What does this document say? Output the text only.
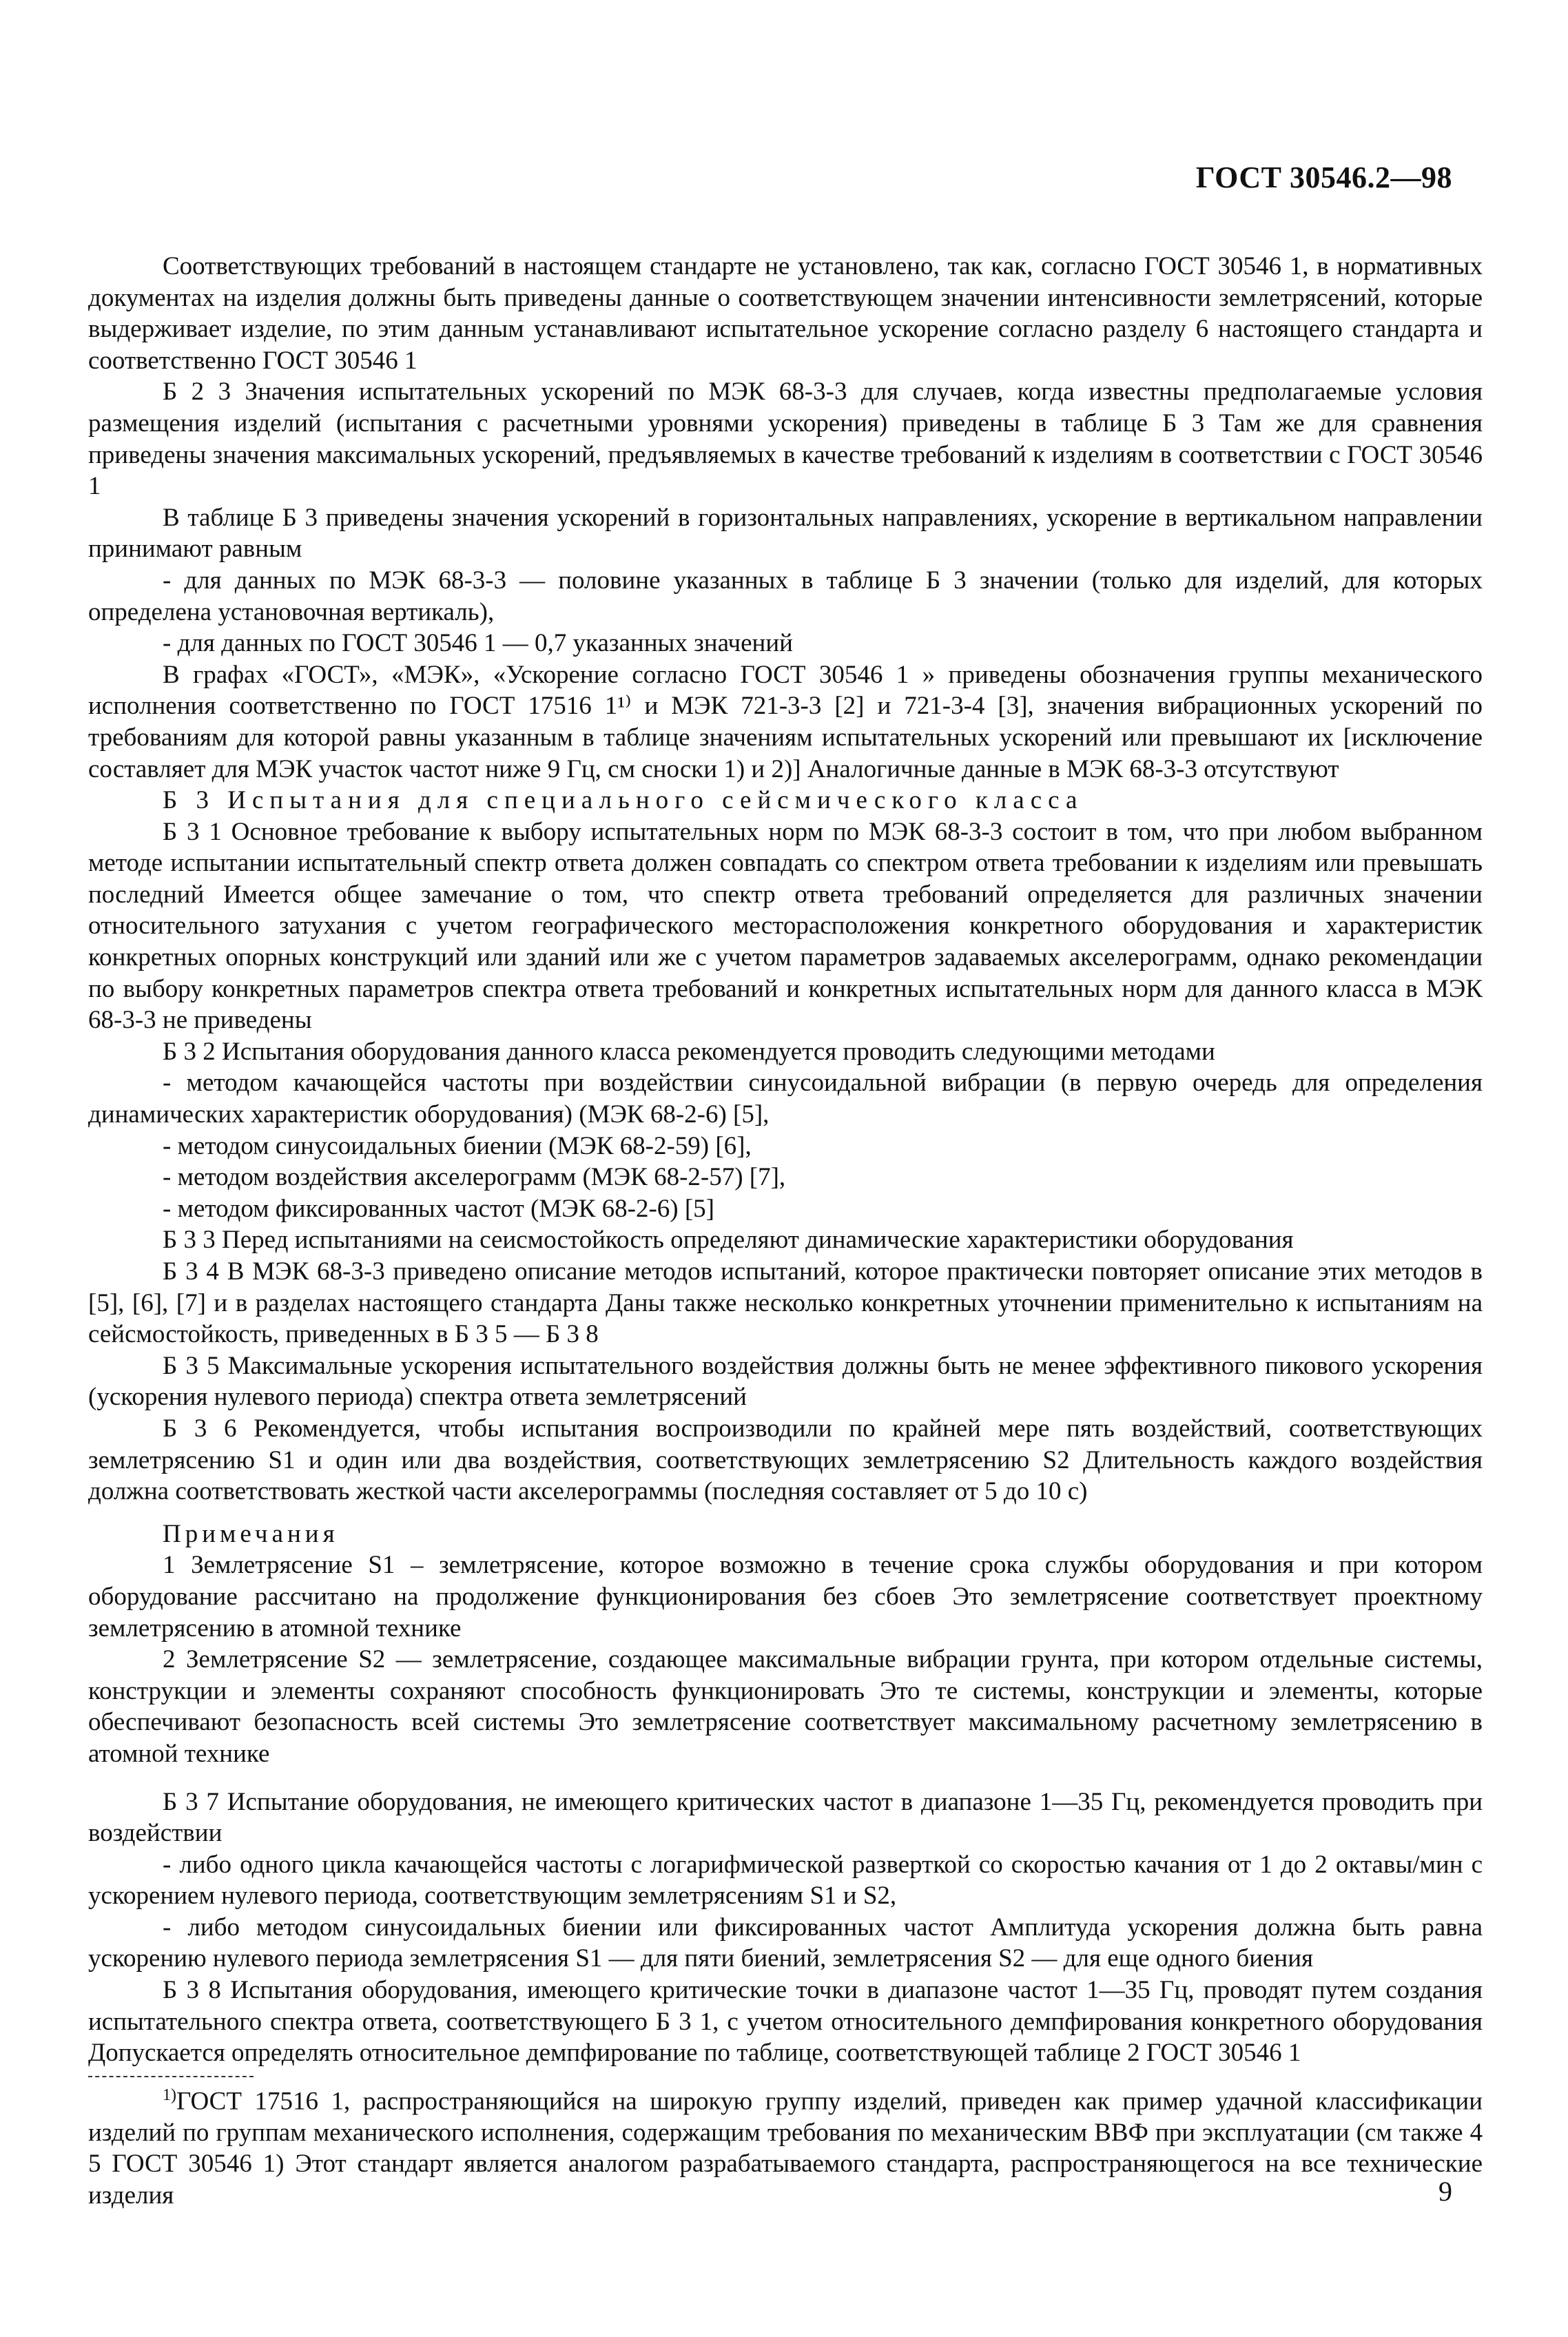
ГОСТ 30546.2—98

Соответствующих требований в настоящем стандарте не установлено, так как, согласно ГОСТ 30546 1, в нормативных документах на изделия должны быть приведены данные о соответствующем значении интенсивности землетрясений, которые выдерживает изделие, по этим данным устанавливают испытательное ускорение согласно разделу 6 настоящего стандарта и соответственно ГОСТ 30546 1

Б 2 3 Значения испытательных ускорений по МЭК 68-3-3 для случаев, когда известны предполагаемые условия размещения изделий (испытания с расчетными уровнями ускорения) приведены в таблице Б 3 Там же для сравнения приведены значения максимальных ускорений, предъявляемых в качестве требований к изделиям в соответствии с ГОСТ 30546 1

В таблице Б 3 приведены значения ускорений в горизонтальных направлениях, ускорение в вертикальном направлении принимают равным

- для данных по МЭК 68-3-3 — половине указанных в таблице Б 3 значении (только для изделий, для которых определена установочная вертикаль),

- для данных по ГОСТ 30546 1 — 0,7 указанных значений

В графах «ГОСТ», «МЭК», «Ускорение согласно ГОСТ 30546 1 » приведены обозначения группы механического исполнения соответственно по ГОСТ 17516 1¹⁾ и МЭК 721-3-3 [2] и 721-3-4 [3], значения вибрационных ускорений по требованиям для которой равны указанным в таблице значениям испытательных ускорений или превышают их [исключение составляет для МЭК участок частот ниже 9 Гц, см сноски 1) и 2)] Аналогичные данные в МЭК 68-3-3 отсутствуют

Б 3 Испытания для специального сейсмического класса

Б 3 1 Основное требование к выбору испытательных норм по МЭК 68-3-3 состоит в том, что при любом выбранном методе испытании испытательный спектр ответа должен совпадать со спектром ответа требовании к изделиям или превышать последний Имеется общее замечание о том, что спектр ответа требований определяется для различных значении относительного затухания с учетом географического месторасположения конкретного оборудования и характеристик конкретных опорных конструкций или зданий или же с учетом параметров задаваемых акселерограмм, однако рекомендации по выбору конкретных параметров спектра ответа требований и конкретных испытательных норм для данного класса в МЭК 68-3-3 не приведены

Б 3 2 Испытания оборудования данного класса рекомендуется проводить следующими методами

- методом качающейся частоты при воздействии синусоидальной вибрации (в первую очередь для определения динамических характеристик оборудования) (МЭК 68-2-6) [5],

- методом синусоидальных биении (МЭК 68-2-59) [6],

- методом воздействия акселерограмм (МЭК 68-2-57) [7],

- методом фиксированных частот (МЭК 68-2-6) [5]

Б 3 3 Перед испытаниями на сеисмостойкость определяют динамические характеристики оборудования

Б 3 4 В МЭК 68-3-3 приведено описание методов испытаний, которое практически повторяет описание этих методов в [5], [6], [7] и в разделах настоящего стандарта Даны также несколько конкретных уточнении применительно к испытаниям на сейсмостойкость, приведенных в Б 3 5 — Б 3 8

Б 3 5 Максимальные ускорения испытательного воздействия должны быть не менее эффективного пикового ускорения (ускорения нулевого периода) спектра ответа землетрясений

Б 3 6 Рекомендуется, чтобы испытания воспроизводили по крайней мере пять воздействий, соответствующих землетрясению S1 и один или два воздействия, соответствующих землетрясению S2 Длительность каждого воздействия должна соответствовать жесткой части акселерограммы (последняя составляет от 5 до 10 с)

Примечания

1 Землетрясение S1 – землетрясение, которое возможно в течение срока службы оборудования и при котором оборудование рассчитано на продолжение функционирования без сбоев Это землетрясение соответствует проектному землетрясению в атомной технике

2 Землетрясение S2 — землетрясение, создающее максимальные вибрации грунта, при котором отдельные системы, конструкции и элементы сохраняют способность функционировать Это те системы, конструкции и элементы, которые обеспечивают безопасность всей системы Это землетрясение соответствует максимальному расчетному землетрясению в атомной технике

Б 3 7 Испытание оборудования, не имеющего критических частот в диапазоне 1—35 Гц, рекомендуется проводить при воздействии

- либо одного цикла качающейся частоты с логарифмической разверткой со скоростью качания от 1 до 2 октавы/мин с ускорением нулевого периода, соответствующим землетрясениям S1 и S2,

- либо методом синусоидальных биении или фиксированных частот Амплитуда ускорения должна быть равна ускорению нулевого периода землетрясения S1 — для пяти биений, землетрясения S2 — для еще одного биения

Б 3 8 Испытания оборудования, имеющего критические точки в диапазоне частот 1—35 Гц, проводят путем создания испытательного спектра ответа, соответствующего Б 3 1, с учетом относительного демпфирования конкретного оборудования Допускается определять относительное демпфирование по таблице, соответствующей таблице 2 ГОСТ 30546 1

$^{1)}$ГОСТ 17516 1, распространяющийся на широкую группу изделий, приведен как пример удачной классификации изделий по группам механического исполнения, содержащим требования по механическим ВВФ при эксплуатации (см также 4 5 ГОСТ 30546 1) Этот стандарт является аналогом разрабатываемого стандарта, распространяющегося на все технические изделия	9
